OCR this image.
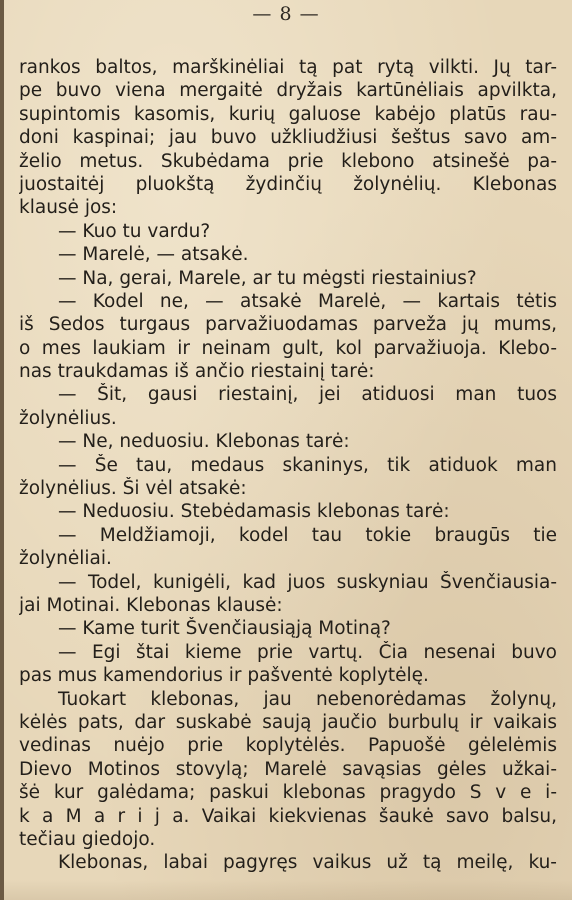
— 8 —
rankos baltos, marškinėliai tą pat rytą vilkti. Jų tar-
pe buvo viena mergaitė dryžais kartūnėliais apvilkta,
supintomis kasomis, kurių galuose kabėjo platūs rau-
doni kaspinai; jau buvo užkliudžiusi šeštus savo am-
želio metus. Skubėdama prie klebono atsinešė pa-
juostaitėj pluokštą žydinčių žolynėlių. Klebonas
klausė jos:
— Kuo tu vardu?
— Marelė, — atsakė.
— Na, gerai, Marele, ar tu mėgsti riestainius?
— Kodel ne, — atsakė Marelė, — kartais tėtis
iš Sedos turgaus parvažiuodamas parveža jų mums,
o mes laukiam ir neinam gult, kol parvažiuoja. Klebo-
nas traukdamas iš ančio riestainį tarė:
— Šit, gausi riestainį, jei atiduosi man tuos
žolynėlius.
— Ne, neduosiu. Klebonas tarė:
— Še tau, medaus skaninys, tik atiduok man
žolynėlius. Ši vėl atsakė:
— Neduosiu. Stebėdamasis klebonas tarė:
— Meldžiamoji, kodel tau tokie braugūs tie
žolynėliai.
— Todel, kunigėli, kad juos suskyniau Švenčiausia-
jai Motinai. Klebonas klausė:
— Kame turit Švenčiausiąją Motiną?
— Egi štai kieme prie vartų. Čia nesenai buvo
pas mus kamendorius ir pašventė koplytėlę.
Tuokart klebonas, jau nebenorėdamas žolynų,
kėlės pats, dar suskabė saują jaučio burbulų ir vaikais
vedinas nuėjo prie koplytėlės. Papuošė gėlelėmis
Dievo Motinos stovylą; Marelė savąsias gėles užkai-
šė kur galėdama; paskui klebonas pragydo S v e i-
k a M a r i j a. Vaikai kiekvienas šaukė savo balsu,
tečiau giedojo.
Klebonas, labai pagyręs vaikus už tą meilę, ku-
